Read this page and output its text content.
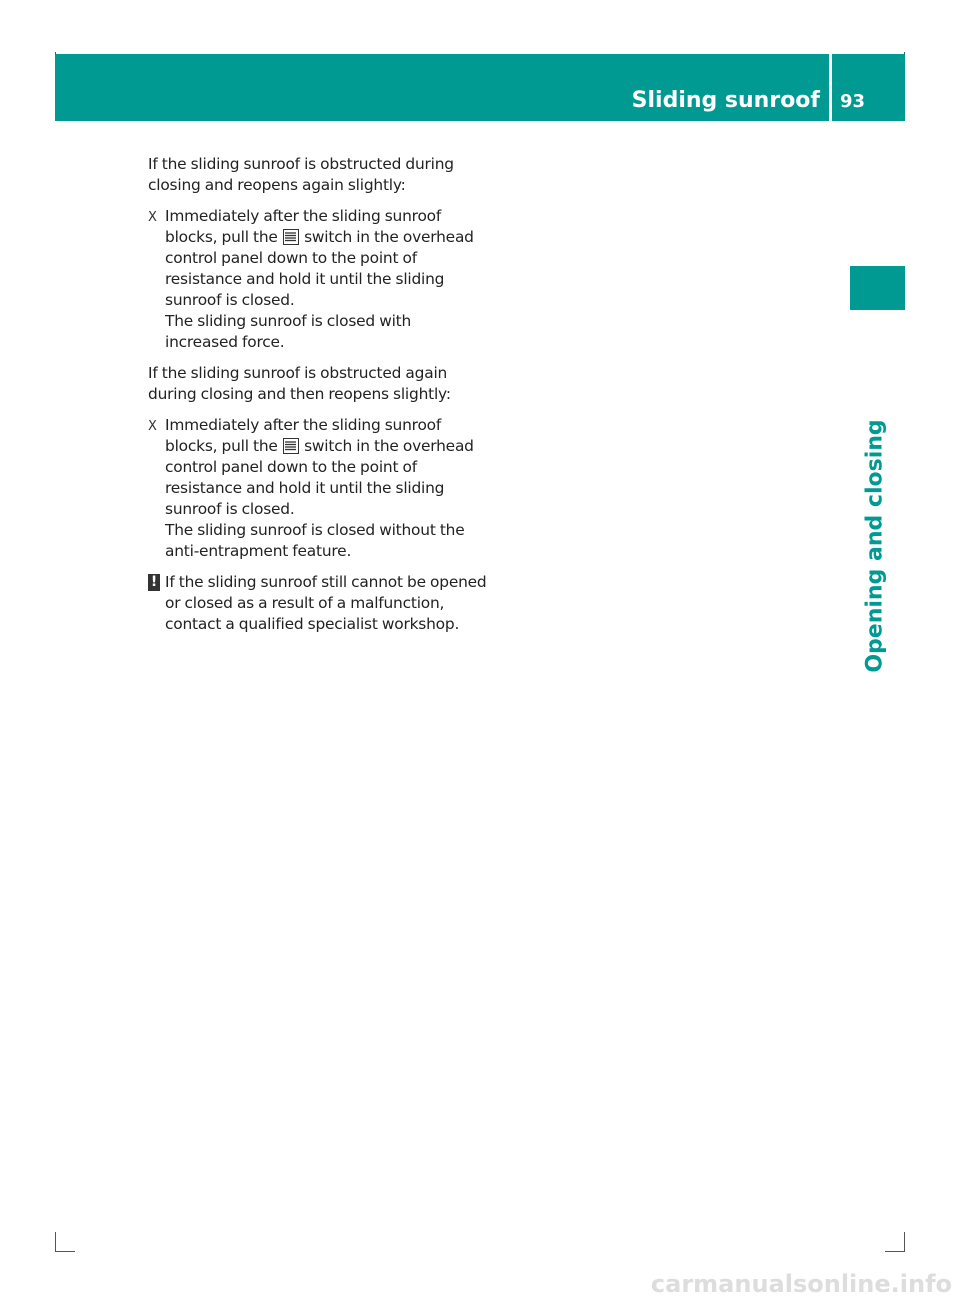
Sliding sunroof 93
Opening and closing

If the sliding sunroof is obstructed during closing and reopens again slightly:

X Immediately after the sliding sunroof blocks, pull the switch in the overhead control panel down to the point of resistance and hold it until the sliding sunroof is closed.
The sliding sunroof is closed with increased force.

If the sliding sunroof is obstructed again during closing and then reopens slightly:

X Immediately after the sliding sunroof blocks, pull the switch in the overhead control panel down to the point of resistance and hold it until the sliding sunroof is closed.
The sliding sunroof is closed without the anti-entrapment feature.
! If the sliding sunroof still cannot be opened or closed as a result of a malfunction, contact a qualified specialist workshop.
carmanualsonline.info
